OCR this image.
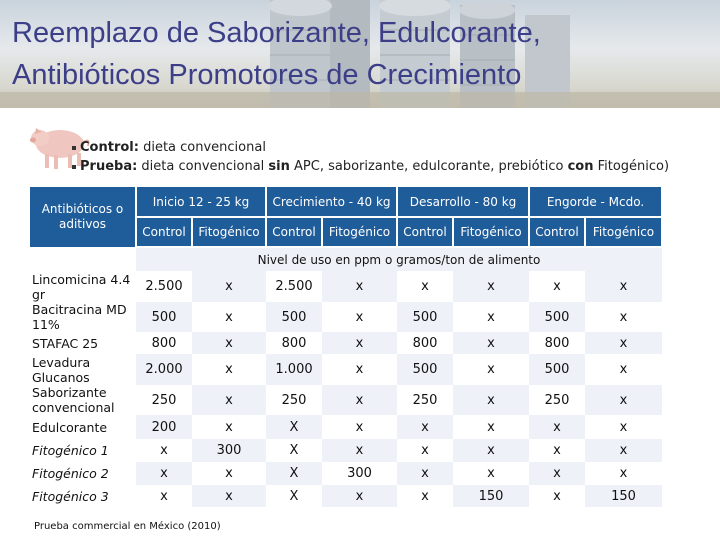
Reemplazo de Saborizante, Edulcorante,
Antibióticos Promotores de Crecimiento
Control: dieta convencional
Prueba: dieta convencional sin APC, saborizante, edulcorante, prebiótico con Fitogénico)
Antibióticos o aditivos	Inicio 12 - 25 kg		Crecimiento - 40 kg		Desarrollo - 80 kg		Engorde - Mcdo.	
	Control	Fitogénico	Control	Fitogénico	Control	Fitogénico	Control	Fitogénico
	Nivel de uso en ppm o gramos/ton de alimento							
Lincomicina 4.4 gr	2.500	x	2.500	x	x	x	x	x
Bacitracina MD 11%	500	x	500	x	500	x	500	x
STAFAC 25	800	x	800	x	800	x	800	x
Levadura Glucanos	2.000	x	1.000	x	500	x	500	x
Saborizante convencional	250	x	250	x	250	x	250	x
Edulcorante	200	x	X	x	x	x	x	x
Fitogénico 1	x	300	X	x	x	x	x	x
Fitogénico 2	x	x	X	300	x	x	x	x
Fitogénico 3	x	x	X	x	x	150	x	150
Prueba commercial en México (2010)
